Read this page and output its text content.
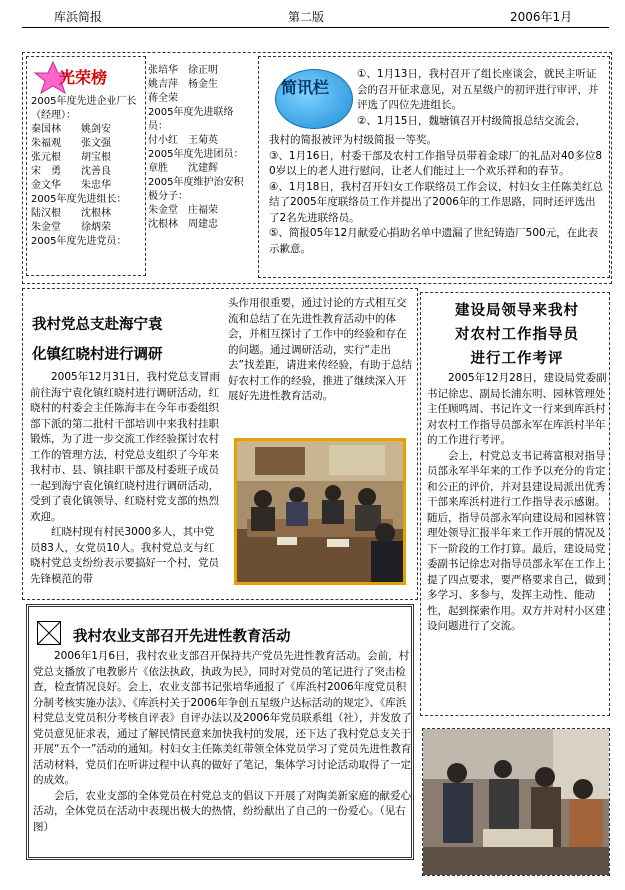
库浜简报	第二版	2006年1月
光荣榜

2005年度先进企业厂长（经理）：

秦国林　　姚剑安

朱福观　　张文强

张元根　　胡宝根

宋　勇　　沈善良

金文华　　朱忠华

2005年度先进组长：

陆汉根　　沈根林

朱金堂　　徐炳荣

2005年度先进党员：

张培华　徐正明

姚吉萍　杨金生

蒋全荣

2005年度先进联络员：

付小红　王菊英

2005年度先进团员：

章胜　　沈建辉

2005年度维护治安积极分子：

朱金堂　庄福荣

沈根林　周建忠

简讯栏

①、1月13日，我村召开了组长座谈会，就民主听证会的召开征求意见，对五星级户的初评进行审评，并评选了四位先进组长。

②、1月15日，魏塘镇召开村级简报总结交流会，

我村的简报被评为村级简报一等奖。

③、1月16日，村委干部及农村工作指导员带着金球厂的礼品对40多位80岁以上的老人进行慰问，让老人们能过上一个欢乐祥和的春节。

④、1月18日，我村召开妇女工作联络员工作会议，村妇女主任陈美红总结了2005年度联络员工作并提出了2006年的工作思路，同时还评选出了2名先进联络员。

⑤、简报05年12月献爱心捐助名单中遗漏了世纪铸造厂500元，在此表示歉意。

我村党总支赴海宁袁

化镇红晓村进行调研

2005年12月31日，我村党总支冒雨前往海宁袁化镇红晓村进行调研活动，红晓村的村委会主任陈海丰在今年市委组织部下派的第二批村干部培训中来我村挂职锻炼，为了进一步交流工作经验探讨农村工作的管理方法，村党总支组织了今年来我村市、县、镇挂职干部及村委班子成员一起到海宁袁化镇红晓村进行调研活动，受到了袁化镇领导、红晓村党支部的热烈欢迎。

红晓村现有村民3000多人，其中党员83人，女党员10人。我村党总支与红晓村党总支纷纷表示要搞好一个村，党员先锋模范的带

头作用很重要，通过讨论的方式相互交流和总结了在先进性教育活动中的体会，并相互探讨了工作中的经验和存在的问题。通过调研活动，实行“走出去”找差距，请进来传经验，有助于总结好农村工作的经验，推进了继续深入开展好先进性教育活动。

建设局领导来我村

对农村工作指导员

进行工作考评

2005年12月28日，建设局党委副书记徐忠、副局长浦东明、园林管理处主任顾鸣周、书记许文一行来到库浜村对农村工作指导员部永军在库浜村半年的工作进行考评。

会上，村党总支书记蒋富根对指导员部永军半年来的工作予以充分的肯定和公正的评价，并对县建设局派出优秀干部来库浜村进行工作指导表示感谢。随后，指导员部永军向建设局和园林管理处领导汇报半年来工作开展的情况及下一阶段的工作打算。最后，建设局党委副书记徐忠对指导员部永军在工作上提了四点要求，要严格要求自己，做到多学习、多参与，发挥主动性、能动性，起到探索作用。双方并对村小区建设问题进行了交流。

我村农业支部召开先进性教育活动

2006年1月6日，我村农业支部召开保持共产党员先进性教育活动。会前，村党总支播放了电教影片《依法执政，执政为民》，同时对党员的笔记进行了突击检查，检查情况良好。会上，农业支部书记张培华通报了《库浜村2006年度党员积分制考核实施办法》、《库浜村关于2006年争创五星级户达标活动的规定》、《库浜村党总支党员积分考核自评表》自评办法以及2006年党员联系组（社），并发放了党员意见征求表，通过了解民情民意来加快我村的发展，还下达了我村党总支关于开展“五个一”活动的通知。村妇女主任陈美红带领全体党员学习了党员先进性教育活动材料，党员们在听讲过程中认真的做好了笔记，集体学习讨论活动取得了一定的成效。

会后，农业支部的全体党员在村党总支的倡议下开展了对陶美新家庭的献爱心活动，全体党员在活动中表现出极大的热情，纷纷献出了自己的一份爱心。（见右图）
